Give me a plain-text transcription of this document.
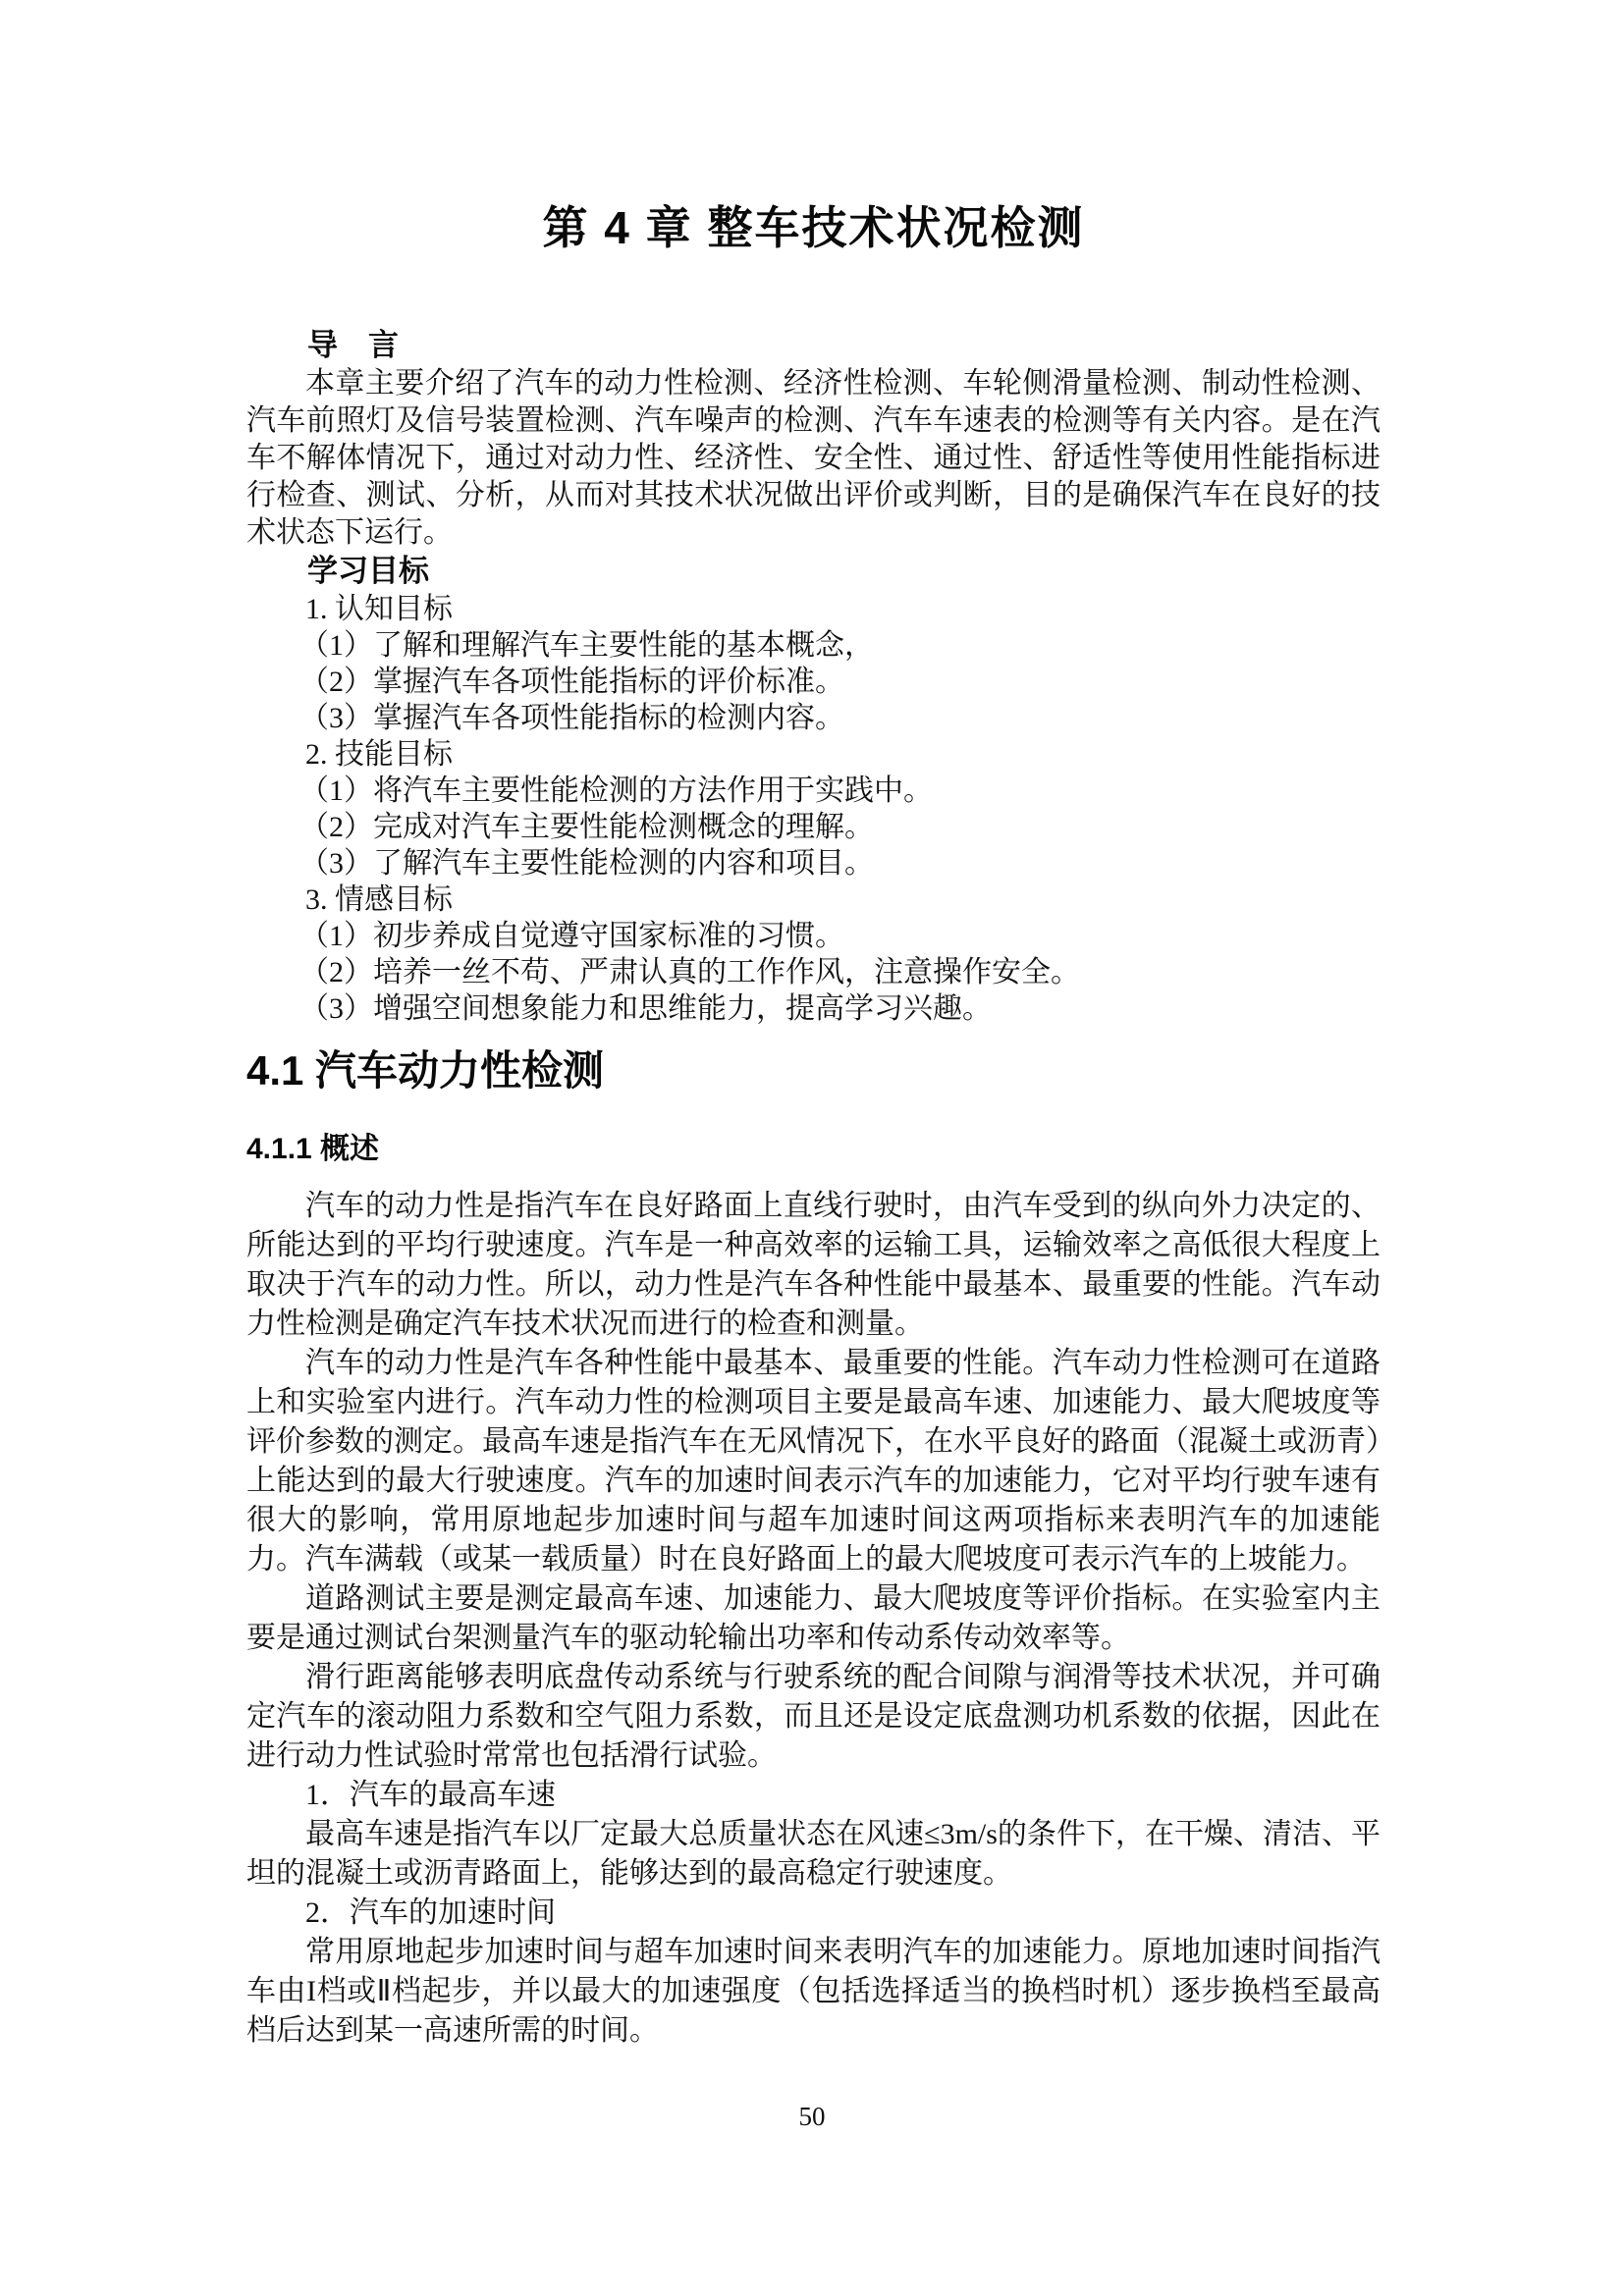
第 4 章 整车技术状况检测

导　言

本章主要介绍了汽车的动力性检测、经济性检测、车轮侧滑量检测、制动性检测、汽车前照灯及信号装置检测、汽车噪声的检测、汽车车速表的检测等有关内容。是在汽车不解体情况下，通过对动力性、经济性、安全性、通过性、舒适性等使用性能指标进行检查、测试、分析，从而对其技术状况做出评价或判断，目的是确保汽车在良好的技术状态下运行。

学习目标

1. 认知目标

（1）了解和理解汽车主要性能的基本概念，

（2）掌握汽车各项性能指标的评价标准。

（3）掌握汽车各项性能指标的检测内容。

2. 技能目标

（1）将汽车主要性能检测的方法作用于实践中。

（2）完成对汽车主要性能检测概念的理解。

（3）了解汽车主要性能检测的内容和项目。

3. 情感目标

（1）初步养成自觉遵守国家标准的习惯。

（2）培养一丝不苟、严肃认真的工作作风，注意操作安全。

（3）增强空间想象能力和思维能力，提高学习兴趣。

4.1 汽车动力性检测
4.1.1 概述

汽车的动力性是指汽车在良好路面上直线行驶时，由汽车受到的纵向外力决定的、所能达到的平均行驶速度。汽车是一种高效率的运输工具，运输效率之高低很大程度上取决于汽车的动力性。所以，动力性是汽车各种性能中最基本、最重要的性能。汽车动力性检测是确定汽车技术状况而进行的检查和测量。

汽车的动力性是汽车各种性能中最基本、最重要的性能。汽车动力性检测可在道路上和实验室内进行。汽车动力性的检测项目主要是最高车速、加速能力、最大爬坡度等评价参数的测定。最高车速是指汽车在无风情况下，在水平良好的路面（混凝土或沥青）上能达到的最大行驶速度。汽车的加速时间表示汽车的加速能力，它对平均行驶车速有很大的影响，常用原地起步加速时间与超车加速时间这两项指标来表明汽车的加速能力。汽车满载（或某一载质量）时在良好路面上的最大爬坡度可表示汽车的上坡能力。

道路测试主要是测定最高车速、加速能力、最大爬坡度等评价指标。在实验室内主要是通过测试台架测量汽车的驱动轮输出功率和传动系传动效率等。

滑行距离能够表明底盘传动系统与行驶系统的配合间隙与润滑等技术状况，并可确定汽车的滚动阻力系数和空气阻力系数，而且还是设定底盘测功机系数的依据，因此在进行动力性试验时常常也包括滑行试验。

1．汽车的最高车速

最高车速是指汽车以厂定最大总质量状态在风速≤3m/s的条件下，在干燥、清洁、平坦的混凝土或沥青路面上，能够达到的最高稳定行驶速度。

2．汽车的加速时间

常用原地起步加速时间与超车加速时间来表明汽车的加速能力。原地加速时间指汽车由I档或Ⅱ档起步，并以最大的加速强度（包括选择适当的换档时机）逐步换档至最高档后达到某一高速所需的时间。

50
